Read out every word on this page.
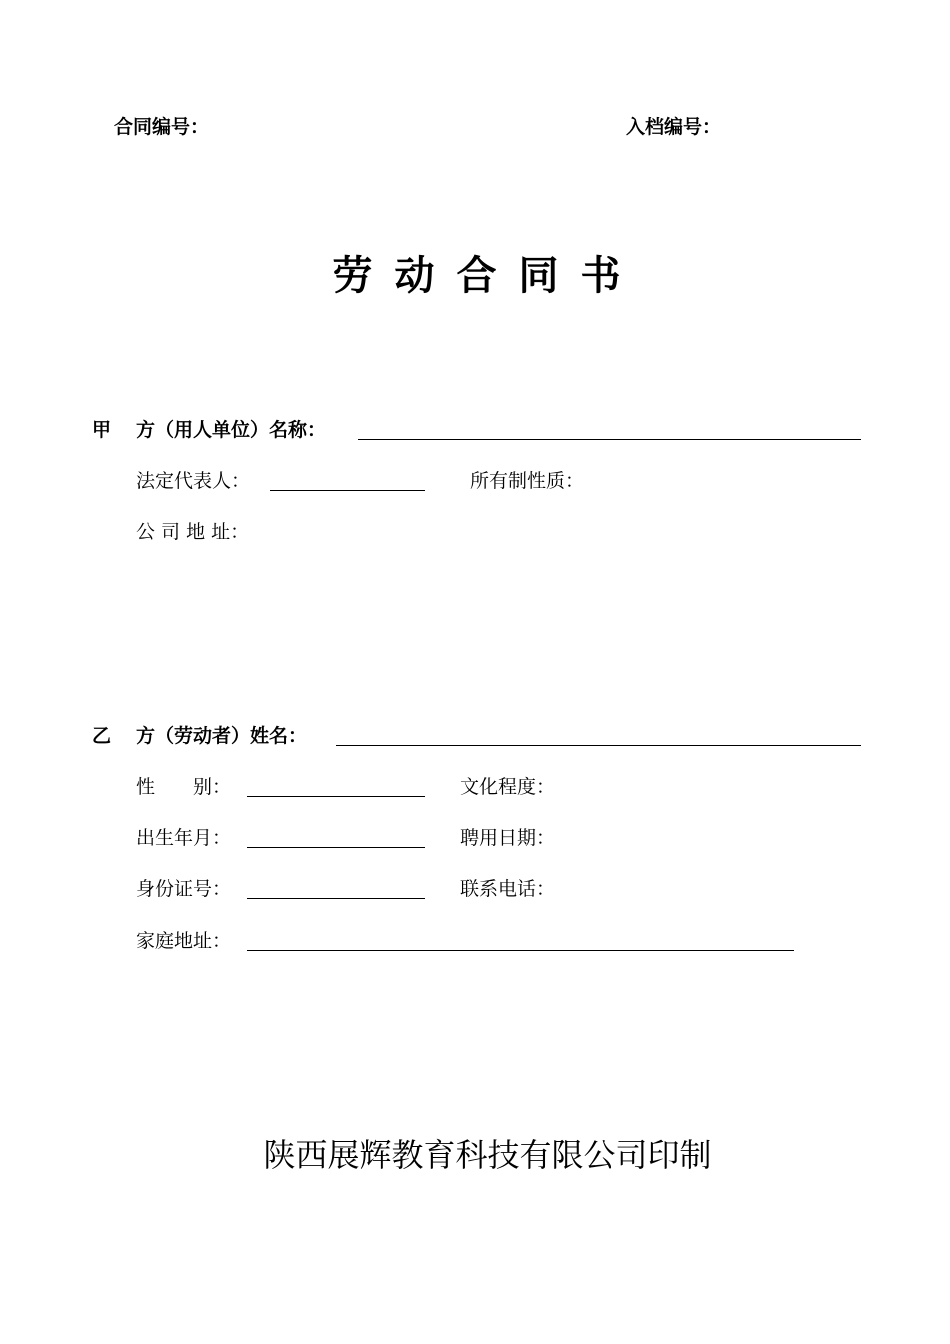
合同编号：	入档编号：
劳动合同书
甲 方（用人单位）名称：
法定代表人：	所有制性质：
公 司 地 址：
乙 方（劳动者）姓名：
性　　别：	文化程度：
出生年月：	聘用日期：
身份证号：	联系电话：
家庭地址：
陕西展辉教育科技有限公司印制
